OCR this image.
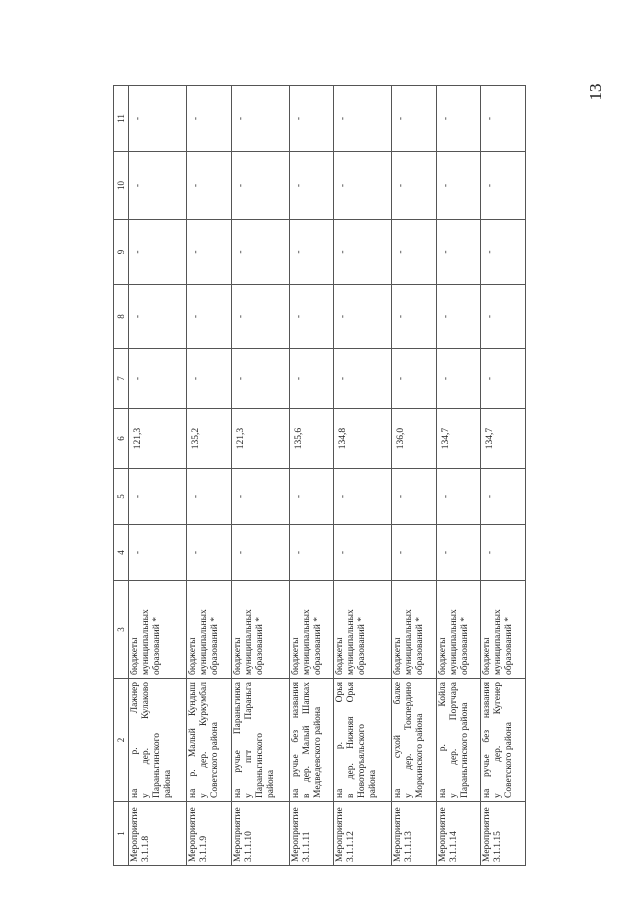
13
1	2	3	4	5	6	7	8	9	10	11

Мероприятие 3.1.1.8	на р. Лажнер у дер. Кулаково Параньгинского района	бюджеты муниципальных образований *	-	-	121,3	-	-	-	-	-

Мероприятие 3.1.1.9	на р. Малый Кундыш у дер. Куркумбал Советского района	бюджеты муниципальных образований *	-	-	135,2	-	-	-	-	-

Мероприятие 3.1.1.10	на ручье Параньгинка у пгт Параньга Параньгинского района	бюджеты муниципальных образований *	-	-	121,3	-	-	-	-	-

Мероприятие 3.1.1.11	на ручье без названия в дер. Малый Шапках Медведевского района	бюджеты муниципальных образований *	-	-	135,6	-	-	-	-	-

Мероприятие 3.1.1.12	на р. Орья в дер. Нижняя Орья Новоторъяльского района	бюджеты муниципальных образований *	-	-	134,8	-	-	-	-	-

Мероприятие 3.1.1.13	на сухой балке у дер. Токпердино Моркинского района	бюджеты муниципальных образований *	-	-	136,0	-	-	-	-	-

Мероприятие 3.1.1.14	на р. Койла у дер. Портчара Параньгинского района	бюджеты муниципальных образований *	-	-	134,7	-	-	-	-	-

Мероприятие 3.1.1.15	на ручье без названия у дер. Кугенер Советского района	бюджеты муниципальных образований *	-	-	134,7	-	-	-	-	-
